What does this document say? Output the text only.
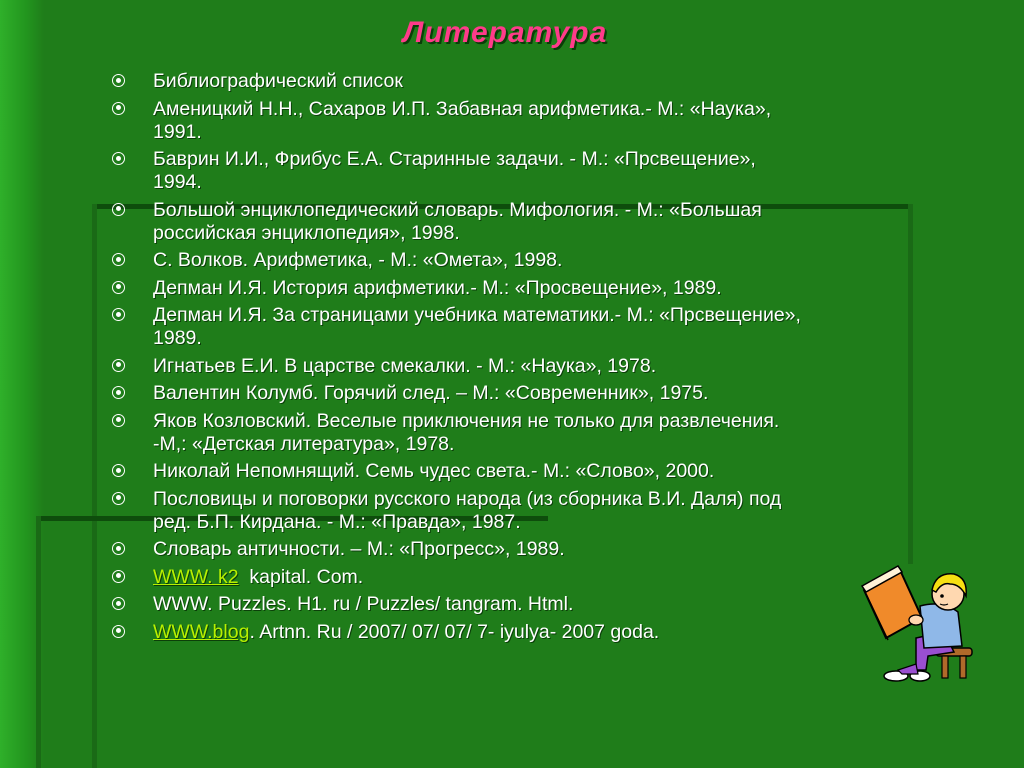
Литература
Библиографический список
Аменицкий Н.Н., Сахаров И.П. Забавная арифметика.- М.: «Наука», 1991.
Баврин И.И., Фрибус Е.А. Старинные задачи. - М.: «Прсвещение», 1994.
Большой энциклопедический словарь. Мифология. - М.: «Большая российская энциклопедия», 1998.
С. Волков. Арифметика, - М.: «Омета», 1998.
Депман И.Я. История арифметики.- М.: «Просвещение», 1989.
Депман И.Я. За страницами учебника математики.- М.: «Прсвещение», 1989.
Игнатьев Е.И. В царстве смекалки. - М.: «Наука», 1978.
Валентин Колумб. Горячий след. – М.: «Современник», 1975.
Яков Козловский. Веселые приключения не только для развлечения. -М,: «Детская литература», 1978.
Николай Непомнящий. Семь чудес света.- М.: «Слово», 2000.
Пословицы и поговорки русского народа (из сборника В.И. Даля) под ред. Б.П. Кирдана. - М.: «Правда», 1987.
Словарь античности. – М.: «Прогресс», 1989.
WWW. k2  kapital. Com.
WWW. Puzzles. H1. ru / Puzzles/ tangram. Html.
WWW.blog. Artnn. Ru / 2007/ 07/ 07/ 7- iyulya- 2007 goda.
